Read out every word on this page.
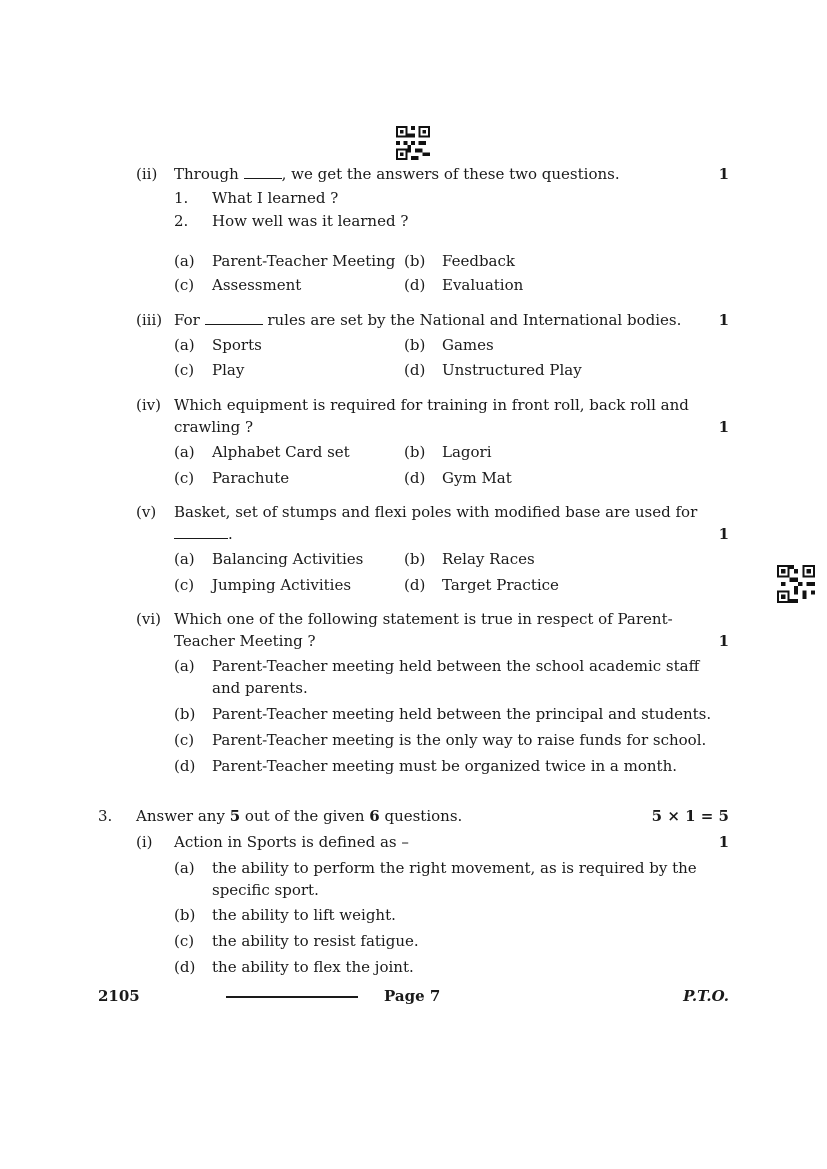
(ii) Through	, we get the answers of these two questions.	1
1. What I learned ?
2. How well was it learned ?
(a) Parent-Teacher Meeting (b) Feedback
(c) Assessment	(d) Evaluation
(iii) For	rules are set by the National and International bodies. 1
(a) Sports	(b) Games
(c) Play	(d) Unstructured Play
(iv) Which equipment is required for training in front roll, back roll and
crawling ?	1
(a) Alphabet Card set	(b) Lagori
(c) Parachute	(d) Gym Mat
(v) Basket, set of stumps and flexi poles with modified base are used for
.	1
(a) Balancing Activities	(b) Relay Races
(c) Jumping Activities	(d) Target Practice
(vi) Which one of the following statement is true in respect of Parent-
Teacher Meeting ?	1
(a) Parent-Teacher meeting held between the school academic staff
and parents.
(b) Parent-Teacher meeting held between the principal and students.
(c) Parent-Teacher meeting is the only way to raise funds for school.
(d) Parent-Teacher meeting must be organized twice in a month.
3. Answer any 5 out of the given 6 questions.	5 × 1 = 5
(i) Action in Sports is defined as –	1
(a) the ability to perform the right movement, as is required by the
specific sport.
(b) the ability to lift weight.
(c) the ability to resist fatigue.
(d) the ability to flex the joint.
2105	Page 7	P.T.O.
